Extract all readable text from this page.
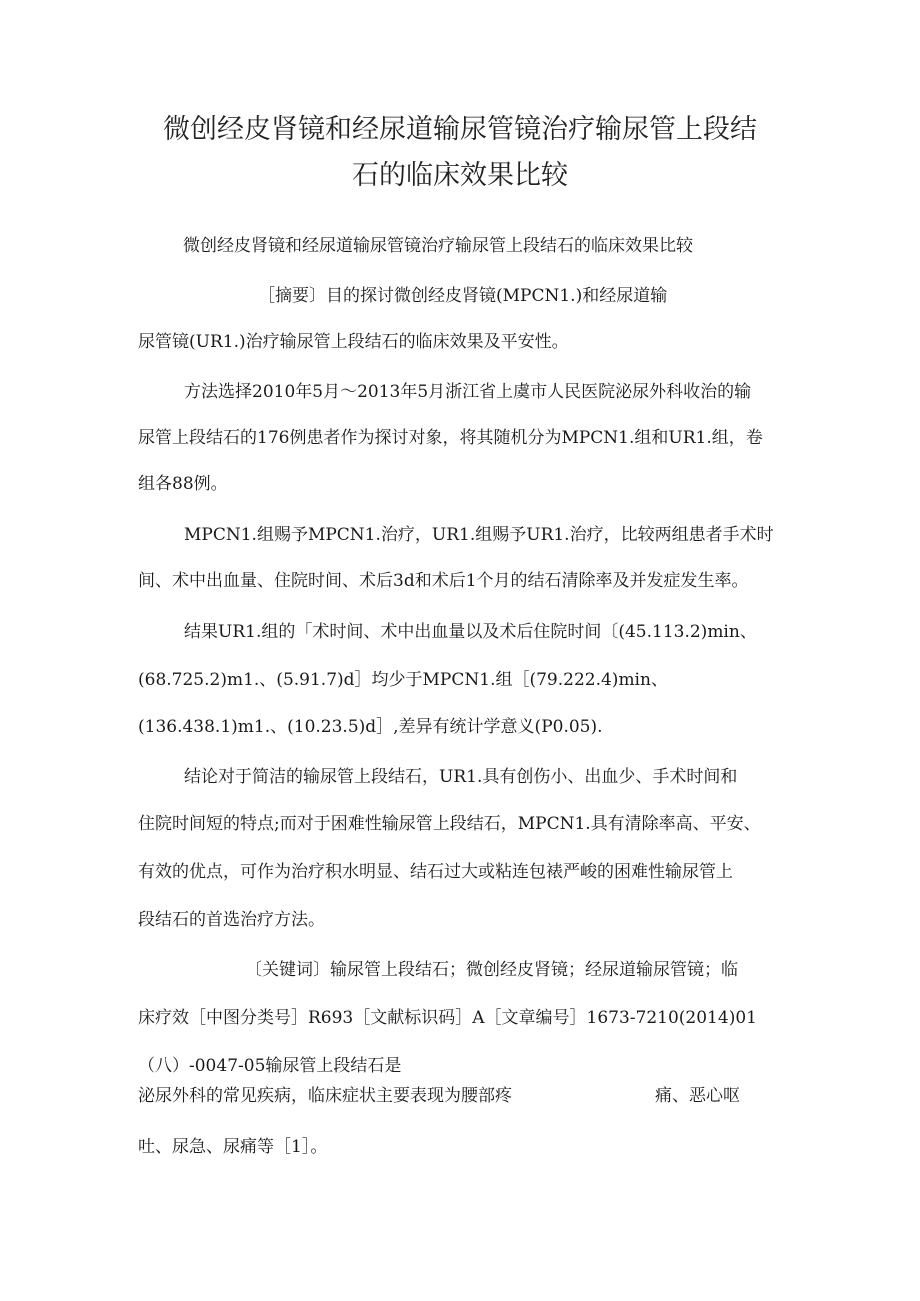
微创经皮肾镜和经尿道输尿管镜治疗输尿管上段结
石的临床效果比较

微创经皮肾镜和经尿道输尿管镜治疗输尿管上段结石的临床效果比较

［摘要〕目的探讨微创经皮肾镜(MPCN1.)和经尿道输

尿管镜(UR1.)治疗输尿管上段结石的临床效果及平安性。

方法选择2010年5月～2013年5月浙江省上虞市人民医院泌尿外科收治的输

尿管上段结石的176例患者作为探讨对象，将其随机分为MPCN1.组和UR1.组，卷

组各88例。

MPCN1.组赐予MPCN1.治疗，UR1.组赐予UR1.治疗，比较两组患者手术时

间、术中出血量、住院时间、术后3d和术后1个月的结石清除率及并发症发生率。

结果UR1.组的「术时间、术中出血量以及术后住院时间〔(45.113.2)min、

(68.725.2)m1.、(5.91.7)d］均少于MPCN1.组［(79.222.4)min、

(136.438.1)m1.、(10.23.5)d］,差异有统计学意义(P0.05).

结论对于简洁的输尿管上段结石，UR1.具有创伤小、出血少、手术时间和

住院时间短的特点;而对于困难性输尿管上段结石，MPCN1.具有清除率高、平安、

有效的优点，可作为治疗积水明显、结石过大或粘连包裱严峻的困难性输尿管上

段结石的首选治疗方法。

〔关键词〕输尿管上段结石；微创经皮肾镜；经尿道输尿管镜；临

床疗效［中图分类号］R693［文献标识码］A［文章编号］1673-7210(2014)01

（八）-0047-05输尿管上段结石是

泌尿外科的常见疾病，临床症状主要表现为腰部疼	痛、恶心呕

吐、尿急、尿痛等［1］。
